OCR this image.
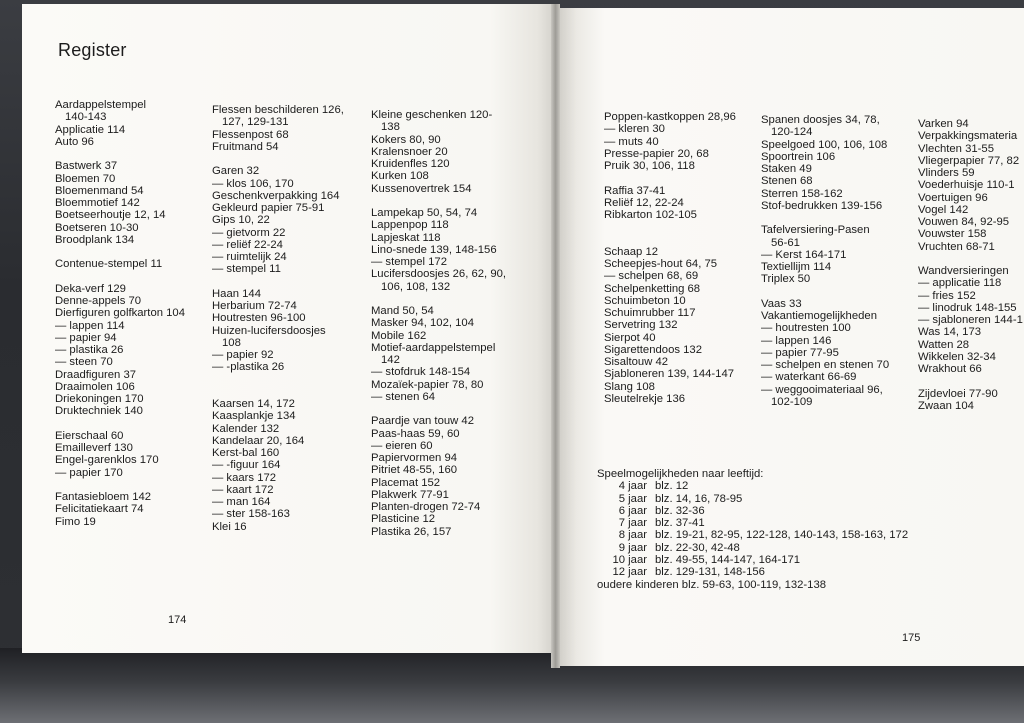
Register
Aardappelstempel
140-143
Applicatie 114
Auto 96
Bastwerk 37
Bloemen 70
Bloemenmand 54
Bloemmotief 142
Boetseerhoutje 12, 14
Boetseren 10-30
Broodplank 134
Contenue-stempel 11
Deka-verf 129
Denne-appels 70
Dierfiguren golfkarton 104
— lappen 114
— papier 94
— plastika 26
— steen 70
Draadfiguren 37
Draaimolen 106
Driekoningen 170
Druktechniek 140
Eierschaal 60
Emailleverf 130
Engel-garenklos 170
— papier 170
Fantasiebloem 142
Felicitatiekaart 74
Fimo 19
Flessen beschilderen 126,
127, 129-131
Flessenpost 68
Fruitmand 54
Garen 32
— klos 106, 170
Geschenkverpakking 164
Gekleurd papier 75-91
Gips 10, 22
— gietvorm 22
— reliëf 22-24
— ruimtelijk 24
— stempel 11
Haan 144
Herbarium 72-74
Houtresten 96-100
Huizen-lucifersdoosjes
108
— papier 92
— -plastika 26
Kaarsen 14, 172
Kaasplankje 134
Kalender 132
Kandelaar 20, 164
Kerst-bal 160
— -figuur 164
— kaars 172
— kaart 172
— man 164
— ster 158-163
Klei 16
Kleine geschenken 120-
138
Kokers 80, 90
Kralensnoer 20
Kruidenfles 120
Kurken 108
Kussenovertrek 154
Lampekap 50, 54, 74
Lappenpop 118
Lapjeskat 118
Lino-snede 139, 148-156
— stempel 172
Lucifersdoosjes 26, 62, 90,
106, 108, 132
Mand 50, 54
Masker 94, 102, 104
Mobile 162
Motief-aardappelstempel
142
— stofdruk 148-154
Mozaïek-papier 78, 80
— stenen 64
Paardje van touw 42
Paas-haas 59, 60
— eieren 60
Papiervormen 94
Pitriet 48-55, 160
Placemat 152
Plakwerk 77-91
Planten-drogen 72-74
Plasticine 12
Plastika 26, 157
Poppen-kastkoppen 28,96
— kleren 30
— muts 40
Presse-papier 20, 68
Pruik 30, 106, 118
Raffia 37-41
Reliëf 12, 22-24
Ribkarton 102-105
Schaap 12
Scheepjes-hout 64, 75
— schelpen 68, 69
Schelpenketting 68
Schuimbeton 10
Schuimrubber 117
Servetring 132
Sierpot 40
Sigarettendoos 132
Sisaltouw 42
Sjabloneren 139, 144-147
Slang 108
Sleutelrekje 136
Spanen doosjes 34, 78,
120-124
Speelgoed 100, 106, 108
Spoortrein 106
Staken 49
Stenen 68
Sterren 158-162
Stof-bedrukken 139-156
Tafelversiering-Pasen
56-61
— Kerst 164-171
Textiellijm 114
Triplex 50
Vaas 33
Vakantiemogelijkheden
— houtresten 100
— lappen 146
— papier 77-95
— schelpen en stenen 70
— waterkant 66-69
— weggooimateriaal 96,
102-109
Varken 94
Verpakkingsmateria
Vlechten 31-55
Vliegerpapier 77, 82
Vlinders 59
Voederhuisje 110-1
Voertuigen 96
Vogel 142
Vouwen 84, 92-95
Vouwster 158
Vruchten 68-71
Wandversieringen
— applicatie 118
— fries 152
— linodruk 148-155
— sjabloneren 144-1
Was 14, 173
Watten 28
Wikkelen 32-34
Wrakhout 66
Zijdevloei 77-90
Zwaan 104
Speelmogelijkheden naar leeftijd:
4 jaar blz. 12
5 jaar blz. 14, 16, 78-95
6 jaar blz. 32-36
7 jaar blz. 37-41
8 jaar blz. 19-21, 82-95, 122-128, 140-143, 158-163, 172
9 jaar blz. 22-30, 42-48
10 jaar blz. 49-55, 144-147, 164-171
12 jaar blz. 129-131, 148-156
oudere kinderen blz. 59-63, 100-119, 132-138
174
175
